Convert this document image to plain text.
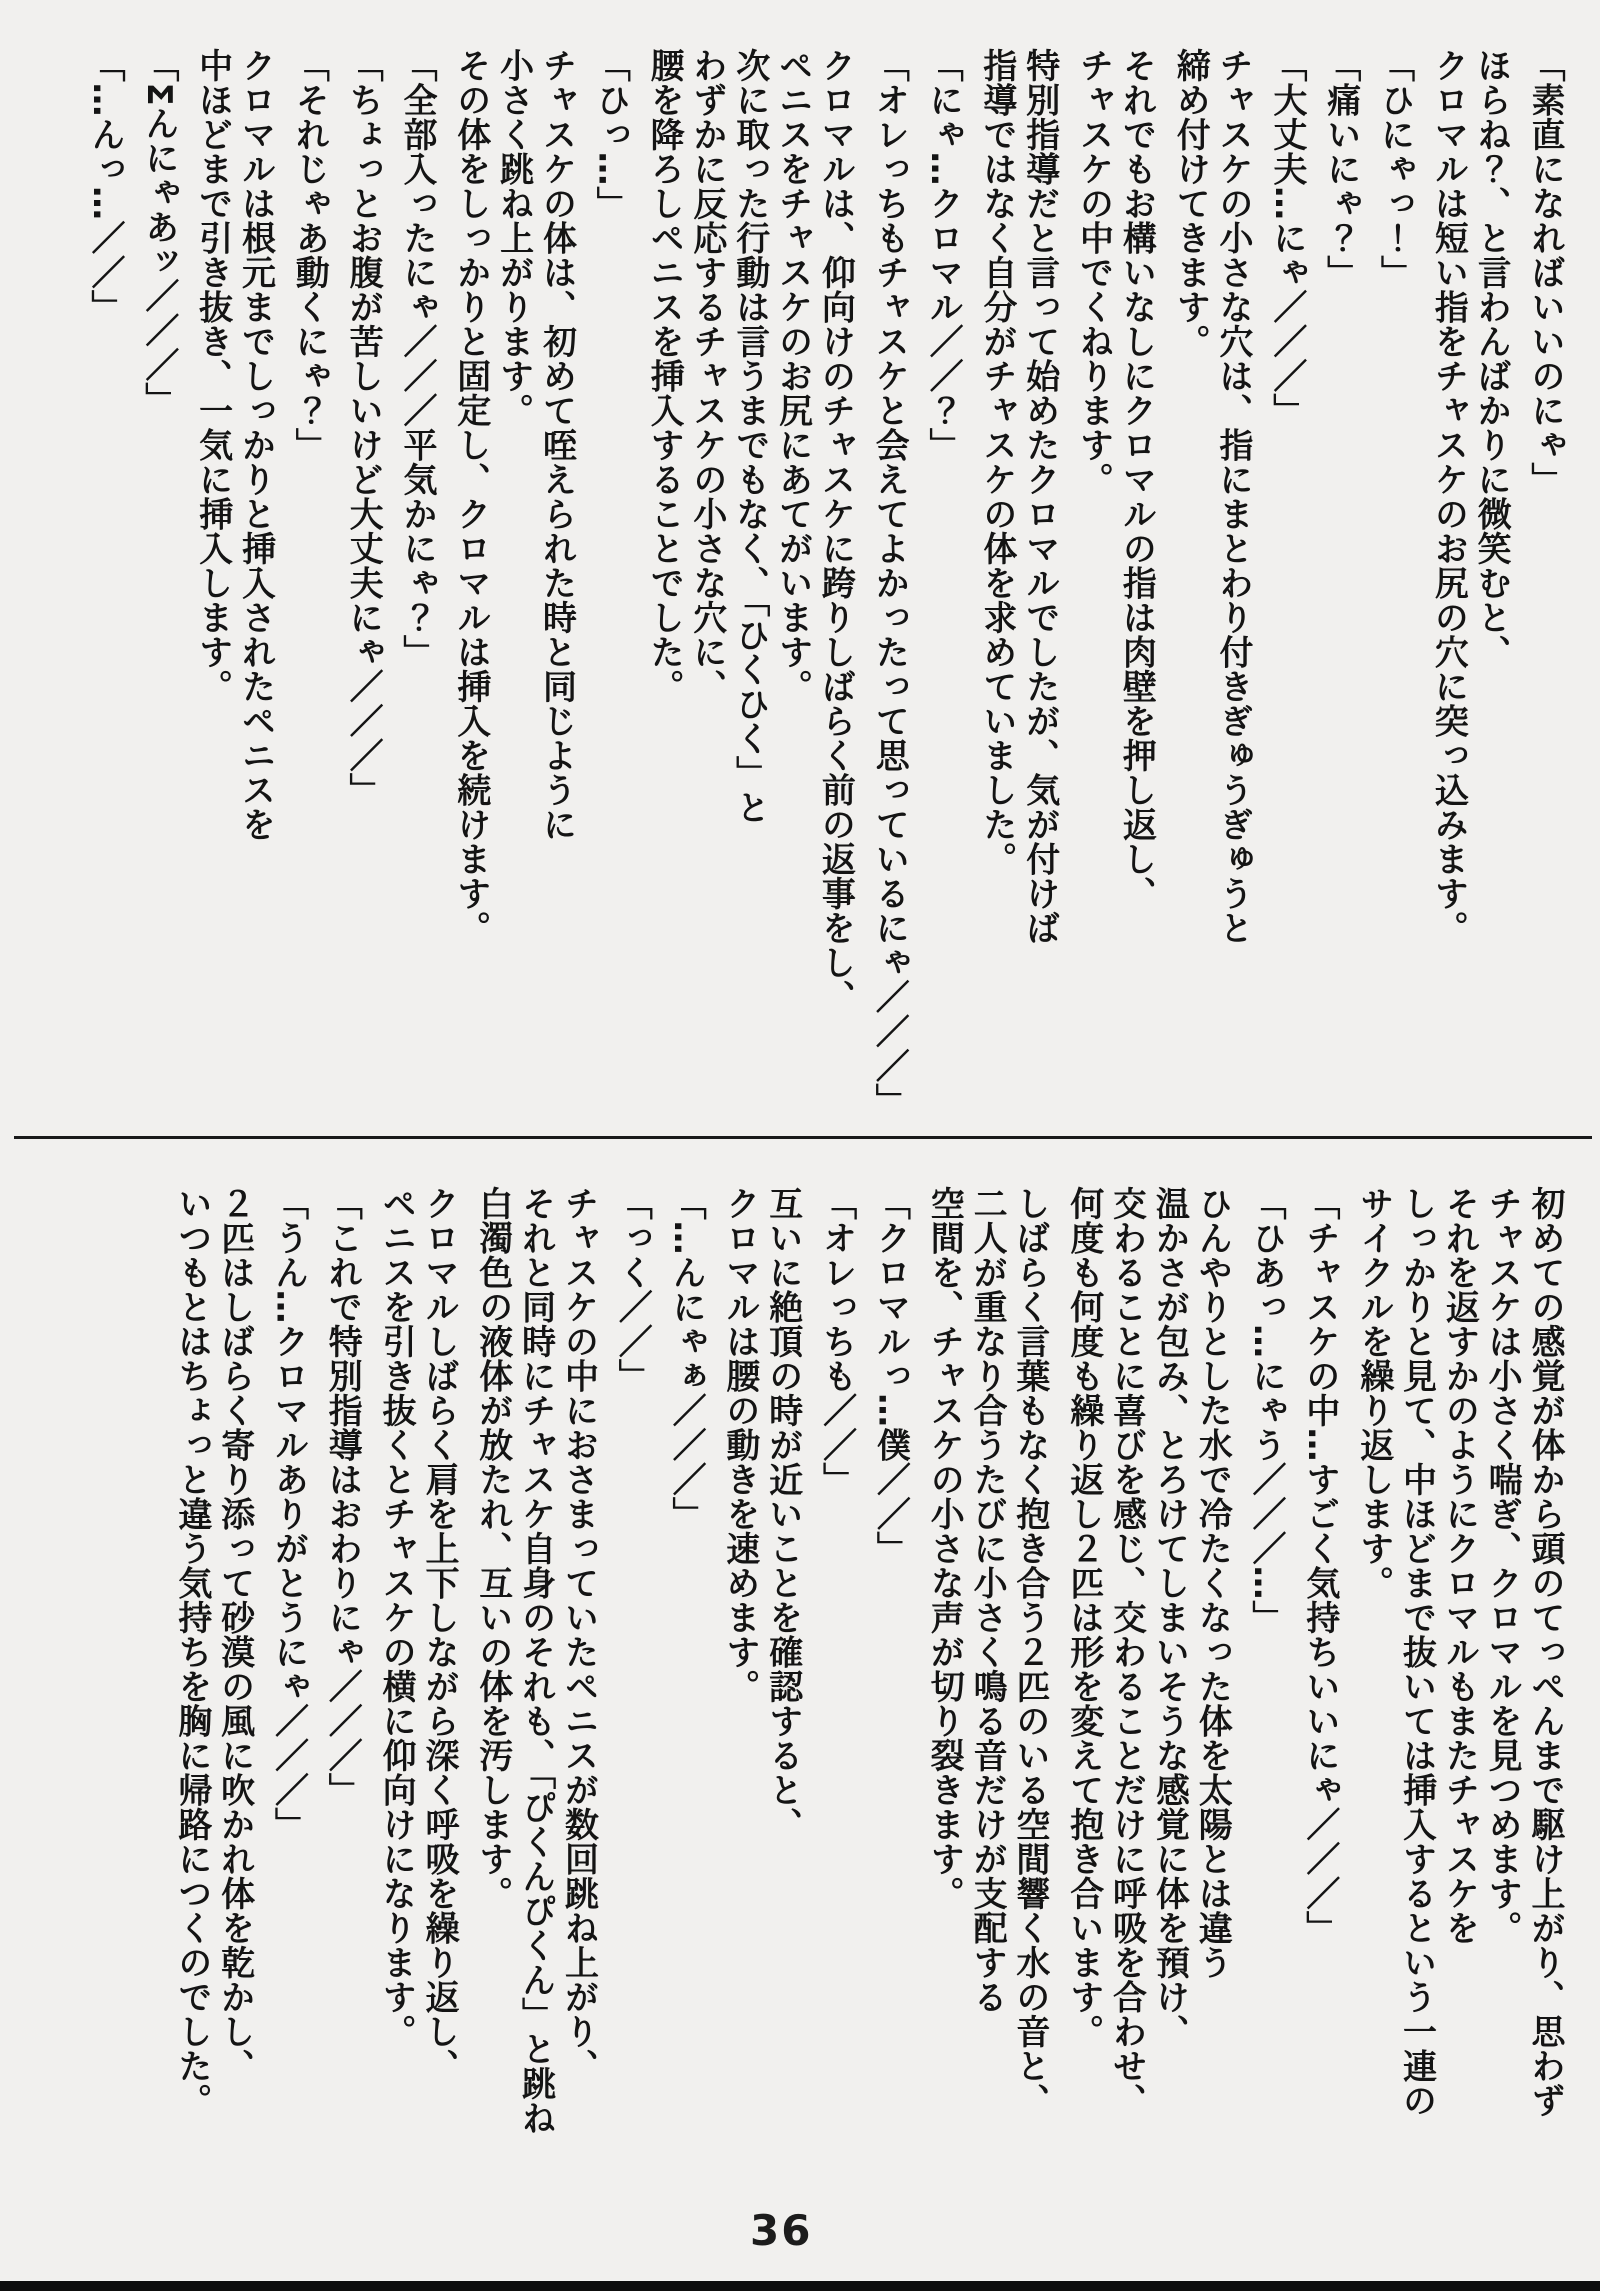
「素直になればいいのにゃ」
ほらね？、と言わんばかりに微笑むと、
クロマルは短い指をチャスケのお尻の穴に突っ込みます。
「ひにゃっ！」
「痛いにゃ？」
「大丈夫…にゃ／／／」
チャスケの小さな穴は、指にまとわり付きぎゅうぎゅうと
締め付けてきます。
それでもお構いなしにクロマルの指は肉壁を押し返し、
チャスケの中でくねります。
特別指導だと言って始めたクロマルでしたが、気が付けば
指導ではなく自分がチャスケの体を求めていました。
「にゃ…クロマル／／？」
「オレっちもチャスケと会えてよかったって思っているにゃ／／／」
クロマルは、仰向けのチャスケに跨りしばらく前の返事をし、
ペニスをチャスケのお尻にあてがいます。
次に取った行動は言うまでもなく、「ひくひく」と
わずかに反応するチャスケの小さな穴に、
腰を降ろしペニスを挿入することでした。
「ひっ…」
チャスケの体は、初めて咥えられた時と同じように
小さく跳ね上がります。
その体をしっかりと固定し、クロマルは挿入を続けます。
「全部入ったにゃ／／／平気かにゃ？」
「ちょっとお腹が苦しいけど大丈夫にゃ／／／」
「それじゃあ動くにゃ？」
クロマルは根元までしっかりと挿入されたペニスを
中ほどまで引き抜き、一気に挿入します。
「Σんにゃあッ／／／」
「…んっ…／／」
初めての感覚が体から頭のてっぺんまで駆け上がり、思わず
チャスケは小さく喘ぎ、クロマルを見つめます。
それを返すかのようにクロマルもまたチャスケを
しっかりと見て、中ほどまで抜いては挿入するという一連の
サイクルを繰り返します。
「チャスケの中…すごく気持ちいいにゃ／／／」
「ひあっ…にゃう／／／…」
ひんやりとした水で冷たくなった体を太陽とは違う
温かさが包み、とろけてしまいそうな感覚に体を預け、
交わることに喜びを感じ、交わることだけに呼吸を合わせ、
何度も何度も繰り返し２匹は形を変えて抱き合います。
しばらく言葉もなく抱き合う２匹のいる空間響く水の音と、
二人が重なり合うたびに小さく鳴る音だけが支配する
空間を、チャスケの小さな声が切り裂きます。
「クロマルっ…僕／／」
「オレっちも／／」
互いに絶頂の時が近いことを確認すると、
クロマルは腰の動きを速めます。
「…んにゃぁ／／／」
「っく／／」
チャスケの中におさまっていたペニスが数回跳ね上がり、
それと同時にチャスケ自身のそれも、「ぴくんぴくん」と跳ね
白濁色の液体が放たれ、互いの体を汚します。
クロマルしばらく肩を上下しながら深く呼吸を繰り返し、
ペニスを引き抜くとチャスケの横に仰向けになります。
「これで特別指導はおわりにゃ／／／」
「うん…クロマルありがとうにゃ／／／」
２匹はしばらく寄り添って砂漠の風に吹かれ体を乾かし、
いつもとはちょっと違う気持ちを胸に帰路につくのでした。
36
